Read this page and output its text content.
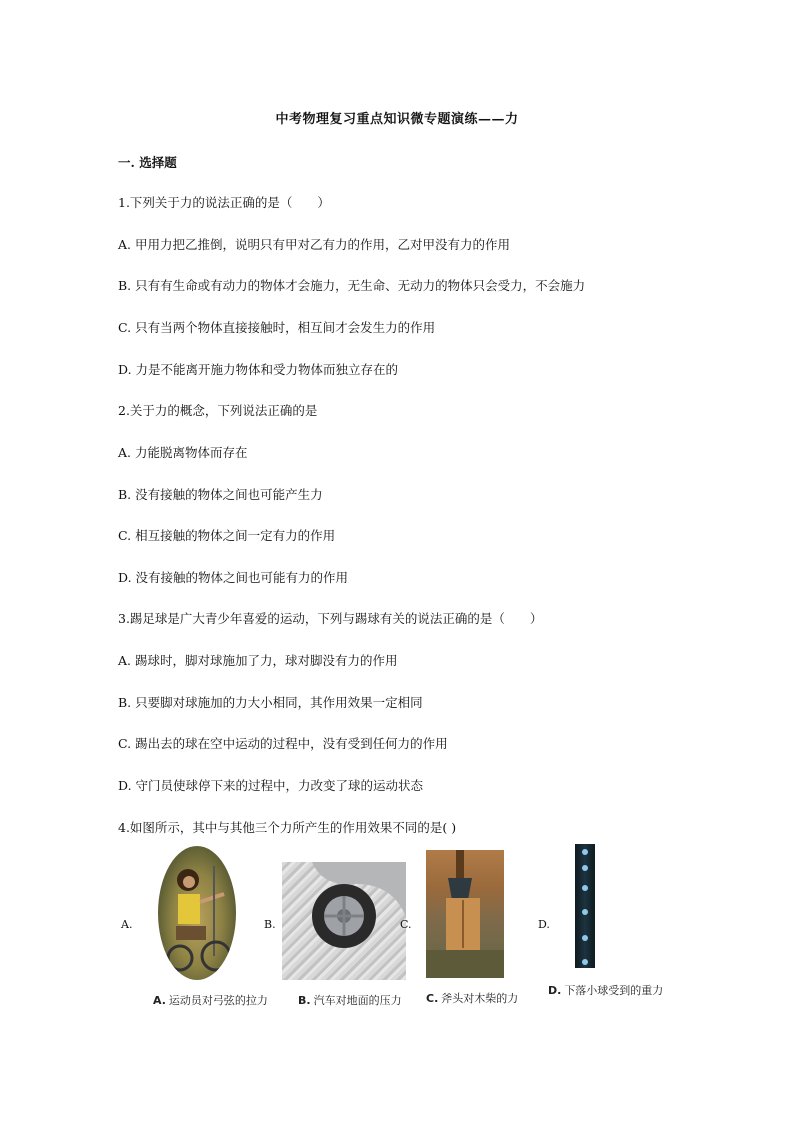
中考物理复习重点知识微专题演练——力
一. 选择题
1.下列关于力的说法正确的是（　　）
A. 甲用力把乙推倒，说明只有甲对乙有力的作用，乙对甲没有力的作用
B. 只有有生命或有动力的物体才会施力，无生命、无动力的物体只会受力，不会施力
C. 只有当两个物体直接接触时，相互间才会发生力的作用
D. 力是不能离开施力物体和受力物体而独立存在的
2.关于力的概念，下列说法正确的是
A. 力能脱离物体而存在
B. 没有接触的物体之间也可能产生力
C. 相互接触的物体之间一定有力的作用
D. 没有接触的物体之间也可能有力的作用
3.踢足球是广大青少年喜爱的运动，下列与踢球有关的说法正确的是（　　）
A. 踢球时，脚对球施加了力，球对脚没有力的作用
B. 只要脚对球施加的力大小相同，其作用效果一定相同
C. 踢出去的球在空中运动的过程中，没有受到任何力的作用
D. 守门员使球停下来的过程中，力改变了球的运动状态
4.如图所示，其中与其他三个力所产生的作用效果不同的是( )
A.
A. 运动员对弓弦的拉力
B.
B. 汽车对地面的压力
C.
C. 斧头对木柴的力
D.
D. 下落小球受到的重力
